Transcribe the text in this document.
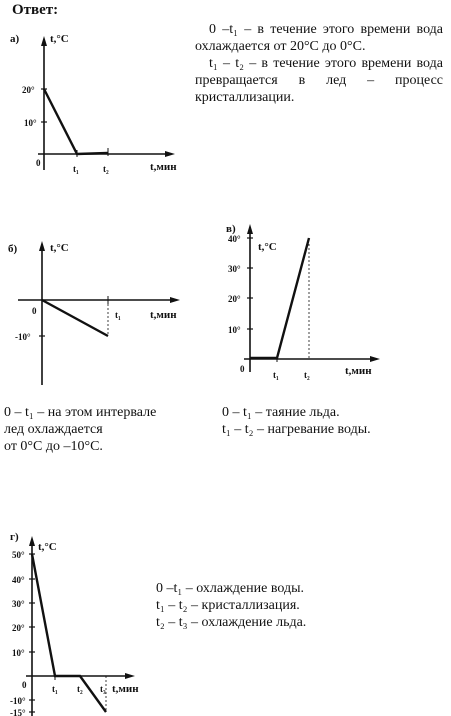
Ответ:
а)	t,°C
t,мин
20°
10°
0
t₁	t₂
б)	t,°C
t,мин
0
-10°
t₁
в)
t,°C
t,мин
40°
30°
20°
10°
0
t₁	t₂
г)
t,°C
t,мин
50°
40°
30°
20°
10°
0
-10°
-15°
t₁ t₂ t₃

0 –t₁ – в течение этого времени вода охлаждается от 20°С до 0°С.

t₁ – t₂ – в течение этого времени вода превращается в лед – процесс кристаллизации.

0 – t₁ – на этом интервале

лед охлаждается

от 0°С до –10°С.

0 – t₁ – таяние льда.

t₁ – t₂ – нагревание воды.

0 –t₁ – охлаждение воды.

t₁ – t₂ – кристаллизация.

t₂ – t₃ – охлаждение льда.
